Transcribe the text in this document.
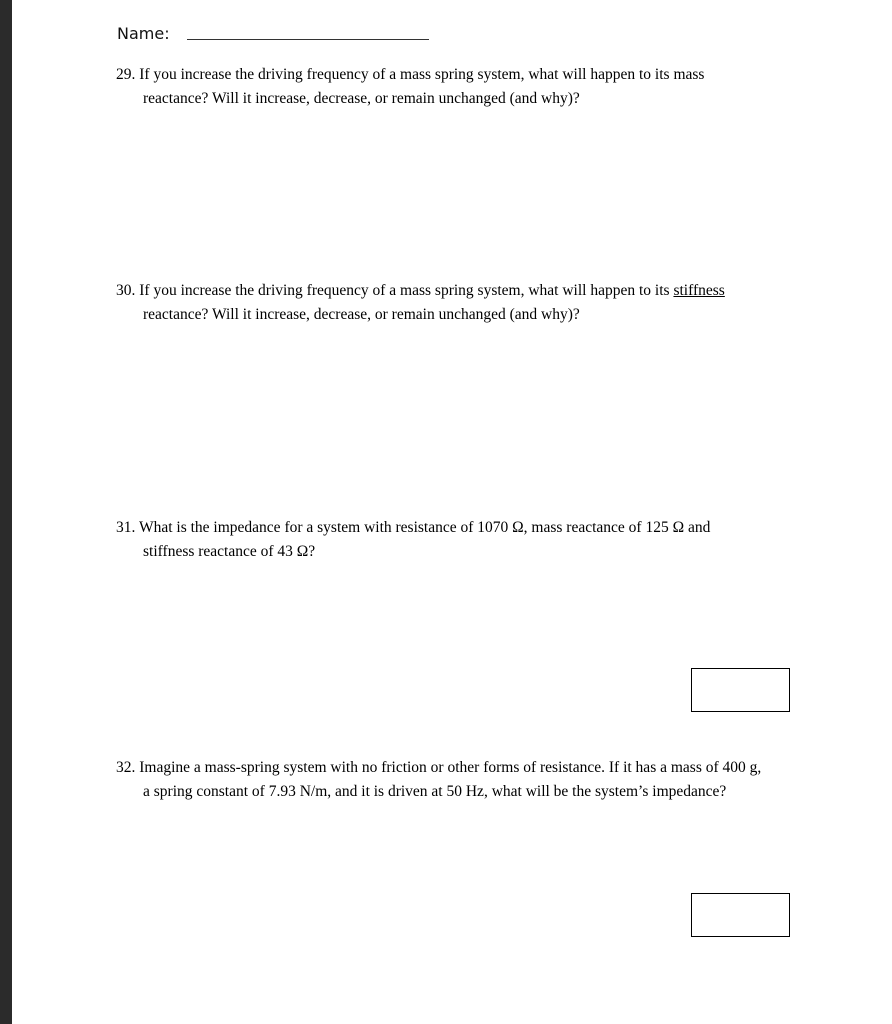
Name:
29. If you increase the driving frequency of a mass spring system, what will happen to its mass
reactance? Will it increase, decrease, or remain unchanged (and why)?
30. If you increase the driving frequency of a mass spring system, what will happen to its stiffness
reactance? Will it increase, decrease, or remain unchanged (and why)?
31. What is the impedance for a system with resistance of 1070 Ω, mass reactance of 125 Ω and
stiffness reactance of 43 Ω?
32. Imagine a mass-spring system with no friction or other forms of resistance. If it has a mass of 400 g,
a spring constant of 7.93 N/m, and it is driven at 50 Hz, what will be the system’s impedance?
